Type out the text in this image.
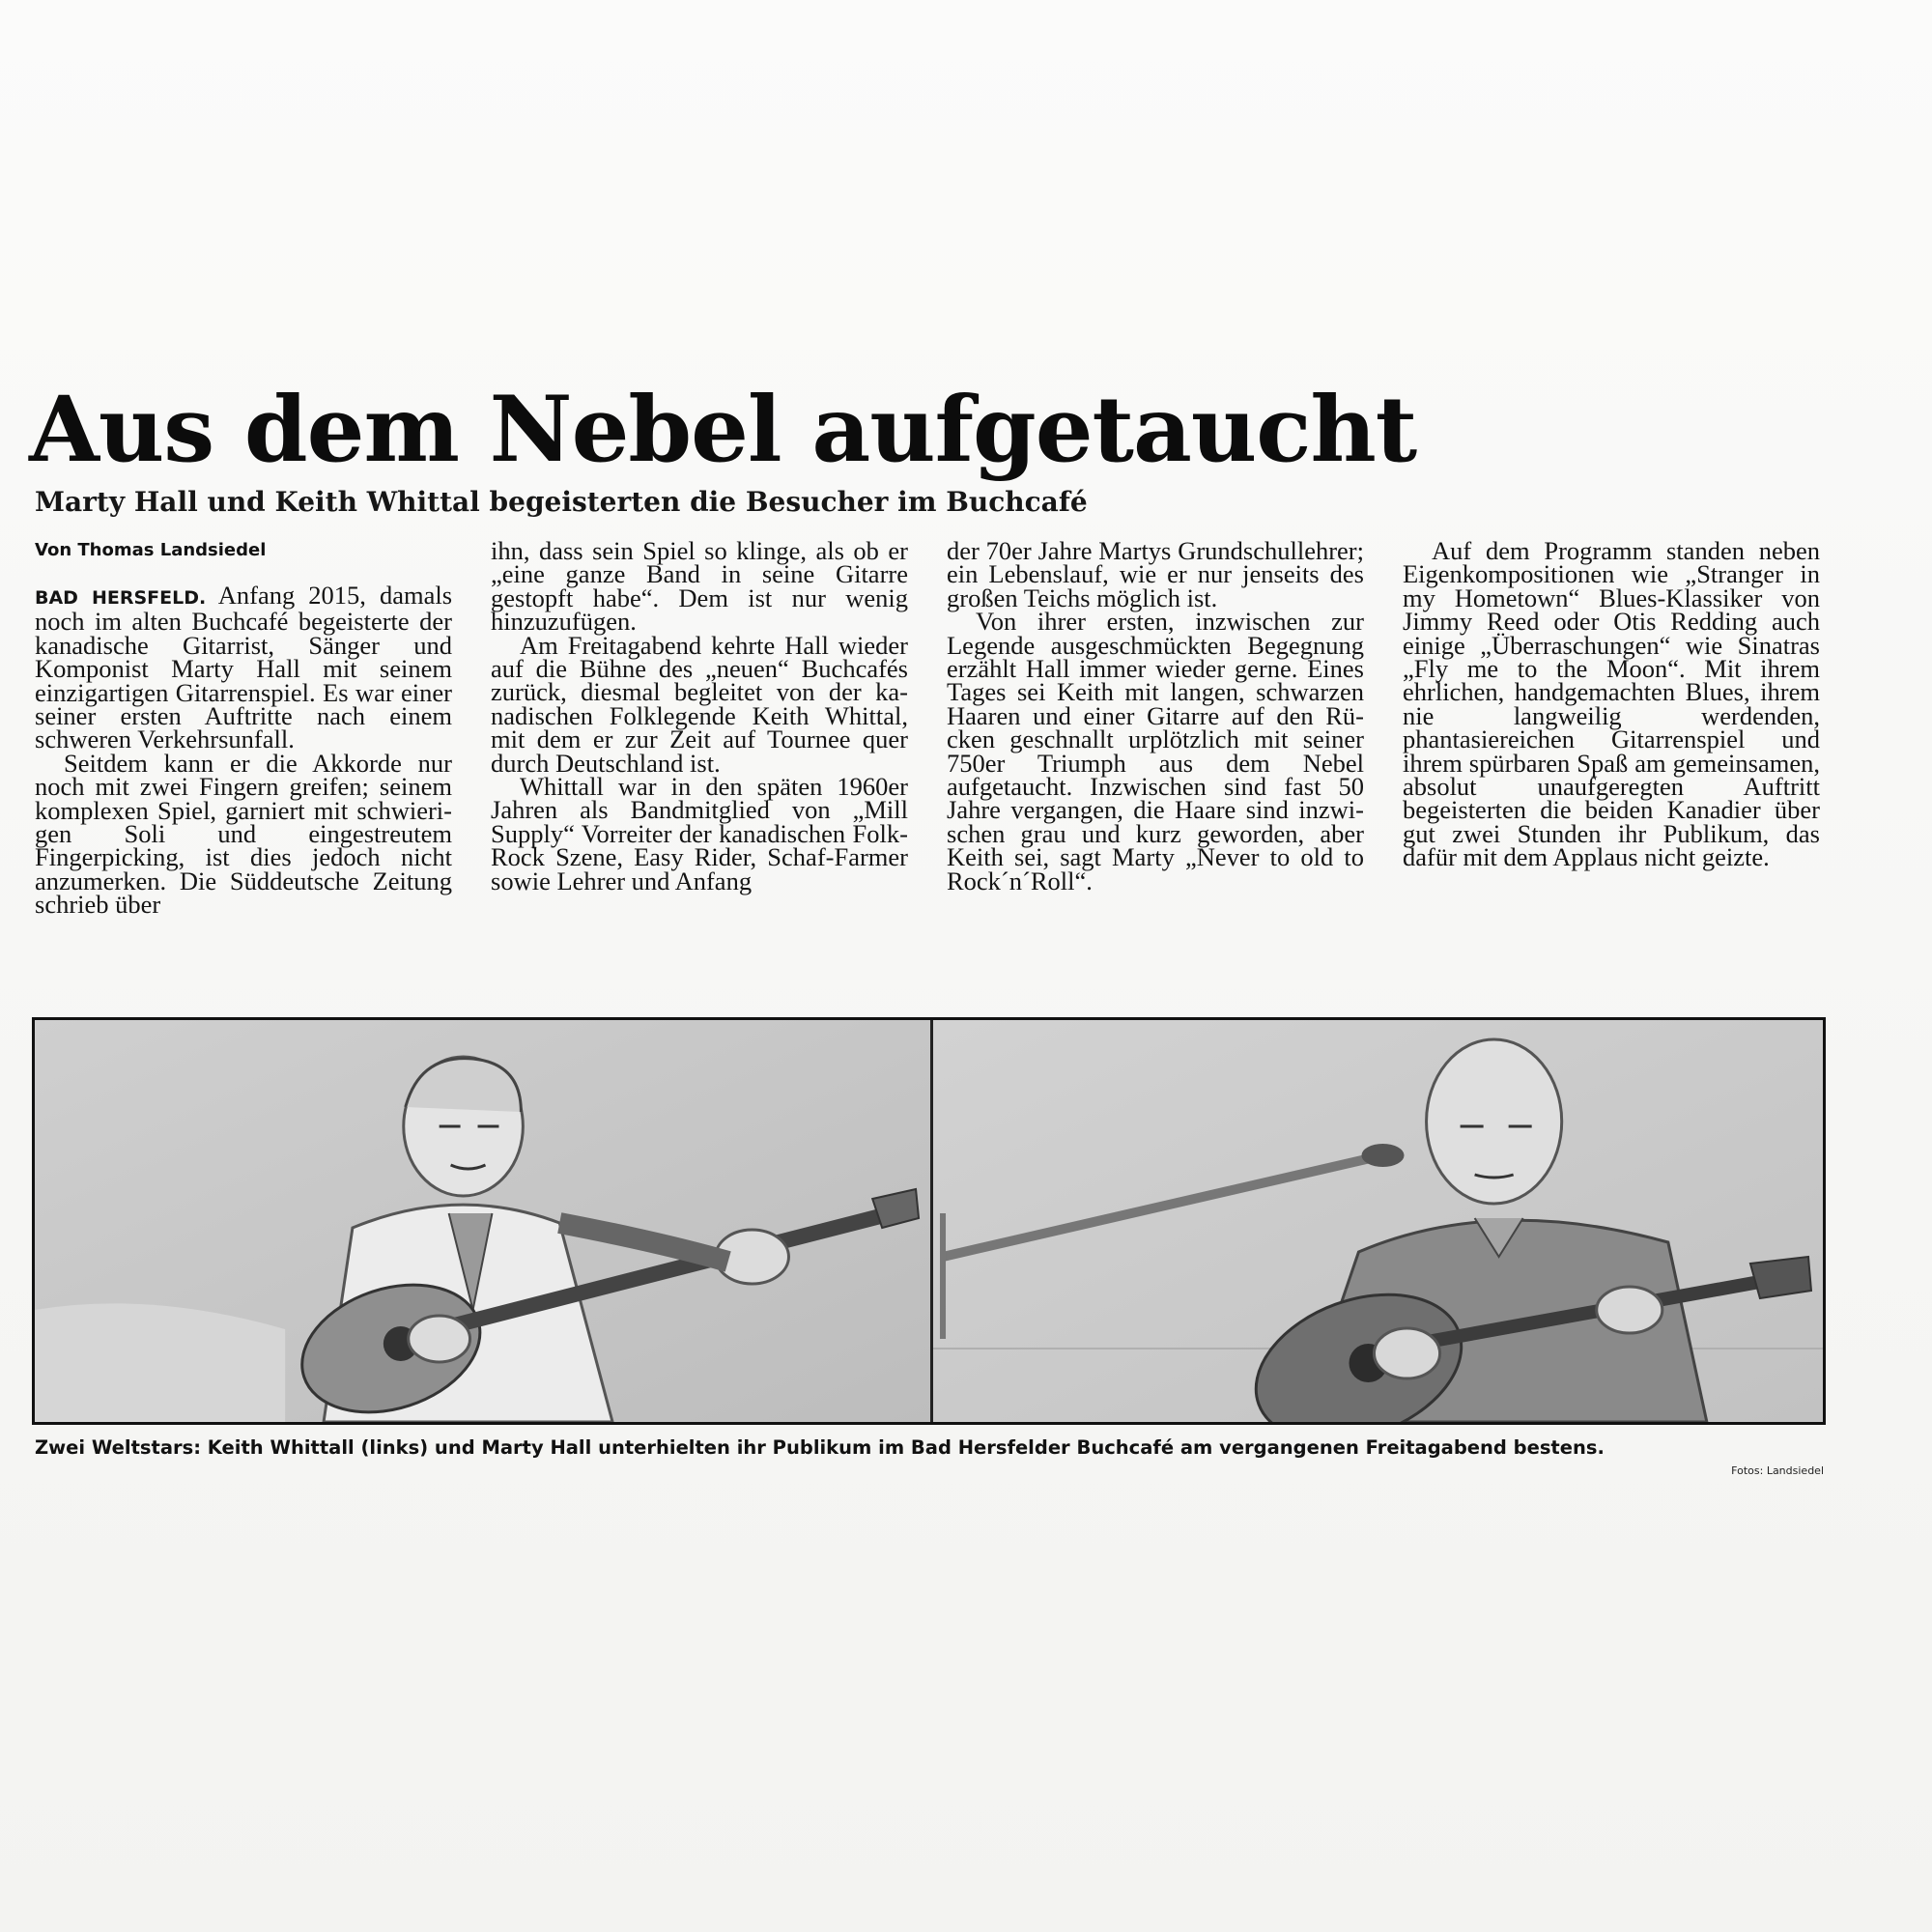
Aus dem Nebel aufgetaucht
Marty Hall und Keith Whittal begeisterten die Besucher im Buchcafé
Von Thomas Landsiedel

BAD HERSFELD. Anfang 2015, damals noch im alten Buchcafé begeisterte der kanadische Gitarrist, Sänger und Komponist Marty Hall mit seinem einzigartigen Gitarrenspiel. Es war einer seiner ersten Auftritte nach einem schweren Verkehrsunfall.

Seitdem kann er die Akkorde nur noch mit zwei Fingern greifen; seinem komplexen Spiel, garniert mit schwierigen Soli und eingestreutem Fingerpicking, ist dies jedoch nicht anzumerken. Die Süddeutsche Zeitung schrieb über

ihn, dass sein Spiel so klinge, als ob er „eine ganze Band in seine Gitarre gestopft habe“. Dem ist nur wenig hinzuzufügen.

Am Freitagabend kehrte Hall wieder auf die Bühne des „neuen“ Buchcafés zurück, diesmal begleitet von der kanadischen Folklegende Keith Whittal, mit dem er zur Zeit auf Tournee quer durch Deutschland ist.

Whittall war in den späten 1960er Jahren als Bandmitglied von „Mill Supply“ Vorreiter der kanadischen Folk-Rock Szene, Easy Rider, Schaf-Farmer sowie Lehrer und Anfang

der 70er Jahre Martys Grundschullehrer; ein Lebenslauf, wie er nur jenseits des großen Teichs möglich ist.

Von ihrer ersten, inzwischen zur Legende ausgeschmückten Begegnung erzählt Hall immer wieder gerne. Eines Tages sei Keith mit langen, schwarzen Haaren und einer Gitarre auf den Rücken geschnallt urplötzlich mit seiner 750er Triumph aus dem Nebel aufgetaucht. Inzwischen sind fast 50 Jahre vergangen, die Haare sind inzwischen grau und kurz geworden, aber Keith sei, sagt Marty „Never to old to Rock´n´Roll“.

Auf dem Programm standen neben Eigenkompositionen wie „Stranger in my Hometown“ Blues-Klassiker von Jimmy Reed oder Otis Redding auch einige „Überraschungen“ wie Sinatras „Fly me to the Moon“. Mit ihrem ehrlichen, handgemachten Blues, ihrem nie langweilig werdenden, phantasiereichen Gitarrenspiel und ihrem spürbaren Spaß am gemeinsamen, absolut unaufgeregten Auftritt begeisterten die beiden Kanadier über gut zwei Stunden ihr Publikum, das dafür mit dem Applaus nicht geizte.

Zwei Weltstars: Keith Whittall (links) und Marty Hall unterhielten ihr Publikum im Bad Hersfelder Buchcafé am vergangenen Freitagabend bestens.
Fotos: Landsiedel
